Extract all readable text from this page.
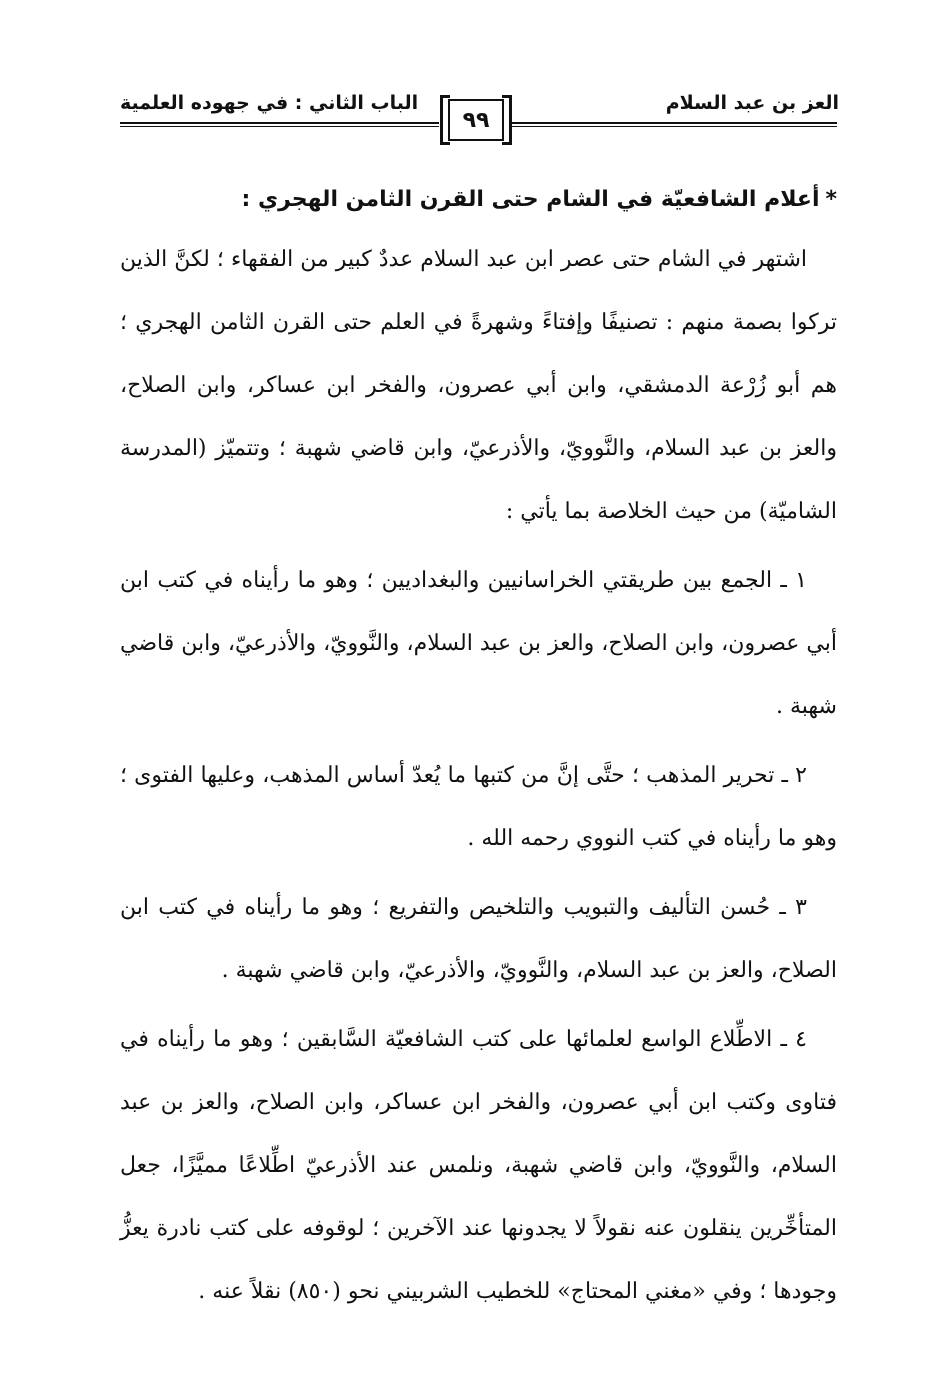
العز بن عبد السلام
الباب الثاني : في جهوده العلمية
٩٩

*أعلام الشافعيّة في الشام حتى القرن الثامن الهجري :

اشتهر في الشام حتى عصر ابن عبد السلام عددٌ كبير من الفقهاء ؛ لكنَّ الذين تركوا بصمة منهم : تصنيفًا وإفتاءً وشهرةً في العلم حتى القرن الثامن الهجري ؛ هم أبو زُرْعة الدمشقي، وابن أبي عصرون، والفخر ابن عساكر، وابن الصلاح، والعز بن عبد السلام، والنَّوويّ، والأذرعيّ، وابن قاضي شهبة ؛ وتتميّز (المدرسة الشاميّة) من حيث الخلاصة بما يأتي :

١ ـ الجمع بين طريقتي الخراسانيين والبغداديين ؛ وهو ما رأيناه في كتب ابن أبي عصرون، وابن الصلاح، والعز بن عبد السلام، والنَّوويّ، والأذرعيّ، وابن قاضي شهبة .

٢ ـ تحرير المذهب ؛ حتَّى إنَّ من كتبها ما يُعدّ أساس المذهب، وعليها الفتوى ؛ وهو ما رأيناه في كتب النووي رحمه الله .

٣ ـ حُسن التأليف والتبويب والتلخيص والتفريع ؛ وهو ما رأيناه في كتب ابن الصلاح، والعز بن عبد السلام، والنَّوويّ، والأذرعيّ، وابن قاضي شهبة .

٤ ـ الاطِّلاع الواسع لعلمائها على كتب الشافعيّة السَّابقين ؛ وهو ما رأيناه في فتاوى وكتب ابن أبي عصرون، والفخر ابن عساكر، وابن الصلاح، والعز بن عبد السلام، والنَّوويّ، وابن قاضي شهبة، ونلمس عند الأذرعيّ اطِّلاعًا مميَّزًا، جعل المتأخِّرين ينقلون عنه نقولاً لا يجدونها عند الآخرين ؛ لوقوفه على كتب نادرة يعزُّ وجودها ؛ وفي «مغني المحتاج» للخطيب الشربيني نحو (٨٥٠) نقلاً عنه .
